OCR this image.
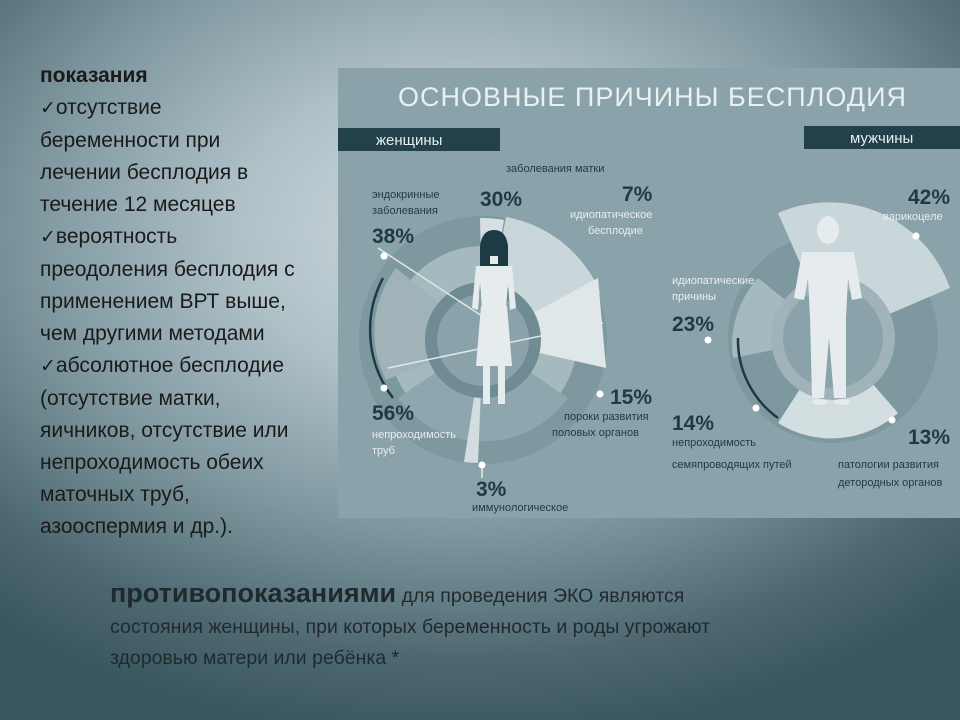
показания
✓отсутствие
беременности при
лечении бесплодия в
течение 12 месяцев
✓вероятность
преодоления бесплодия с
применением ВРТ выше,
чем другими методами
✓абсолютное бесплодие
(отсутствие матки,
яичников, отсутствие или
непроходимость обеих
маточных труб,
азооспермия и др.).
ОСНОВНЫЕ ПРИЧИНЫ БЕСПЛОДИЯ
женщины	мужчины
заболевания матки
30%	7%
идиопатическое
бесплодие
эндокринные
заболевания
38%
15%
пороки развития
половых органов
56%
непроходимость
труб
3%
иммунологическое
42%
варикоцеле
идиопатические
причины
23%
14%
непроходимость
семяпроводящих путей
13%
патологии развития
детородных органов
противопоказаниями для проведения ЭКО являются
состояния женщины, при которых беременность и роды угрожают
здоровью матери или ребёнка *
